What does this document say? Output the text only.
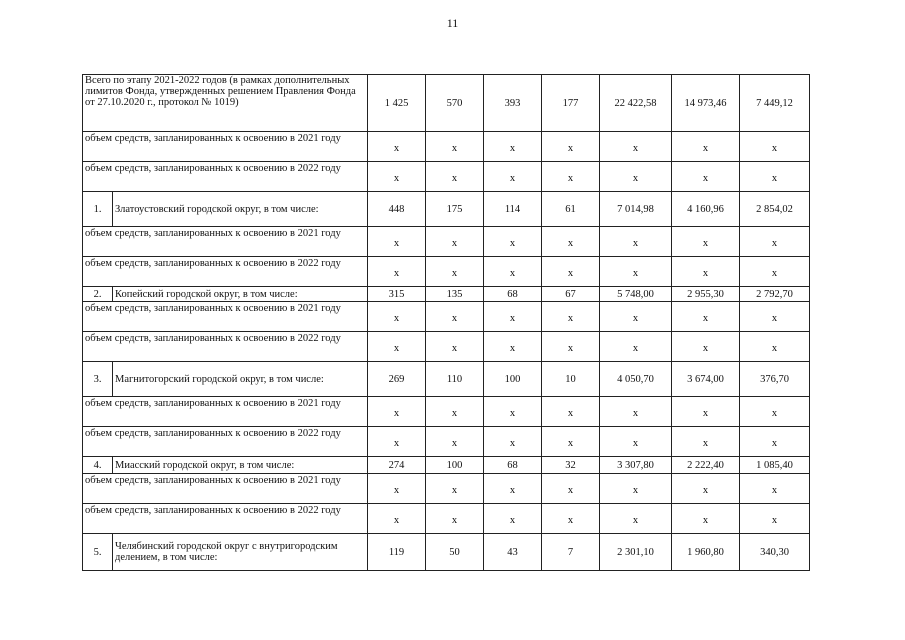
11
Всего по этапу 2021-2022 годов (в рамках дополнительных лимитов Фонда, утвержденных решением Правления Фонда от 27.10.2020 г., протокол № 1019)		1 425	570	393	177	22 422,58	14 973,46	7 449,12
объем средств, запланированных к освоению в 2021 году		x	x	x	x	x	x	x
объем средств, запланированных к освоению в 2022 году		x	x	x	x	x	x	x
1.	Златоустовский городской округ, в том числе:	448	175	114	61	7 014,98	4 160,96	2 854,02
объем средств, запланированных к освоению в 2021 году		x	x	x	x	x	x	x
объем средств, запланированных к освоению в 2022 году		x	x	x	x	x	x	x
2.	Копейский городской округ, в том числе:	315	135	68	67	5 748,00	2 955,30	2 792,70
объем средств, запланированных к освоению в 2021 году		x	x	x	x	x	x	x
объем средств, запланированных к освоению в 2022 году		x	x	x	x	x	x	x
3.	Магнитогорский городской округ, в том числе:	269	110	100	10	4 050,70	3 674,00	376,70
объем средств, запланированных к освоению в 2021 году		x	x	x	x	x	x	x
объем средств, запланированных к освоению в 2022 году		x	x	x	x	x	x	x
4.	Миасский городской округ, в том числе:	274	100	68	32	3 307,80	2 222,40	1 085,40
объем средств, запланированных к освоению в 2021 году		x	x	x	x	x	x	x
объем средств, запланированных к освоению в 2022 году		x	x	x	x	x	x	x
5.	Челябинский городской округ с внутригородским делением, в том числе:	119	50	43	7	2 301,10	1 960,80	340,30
